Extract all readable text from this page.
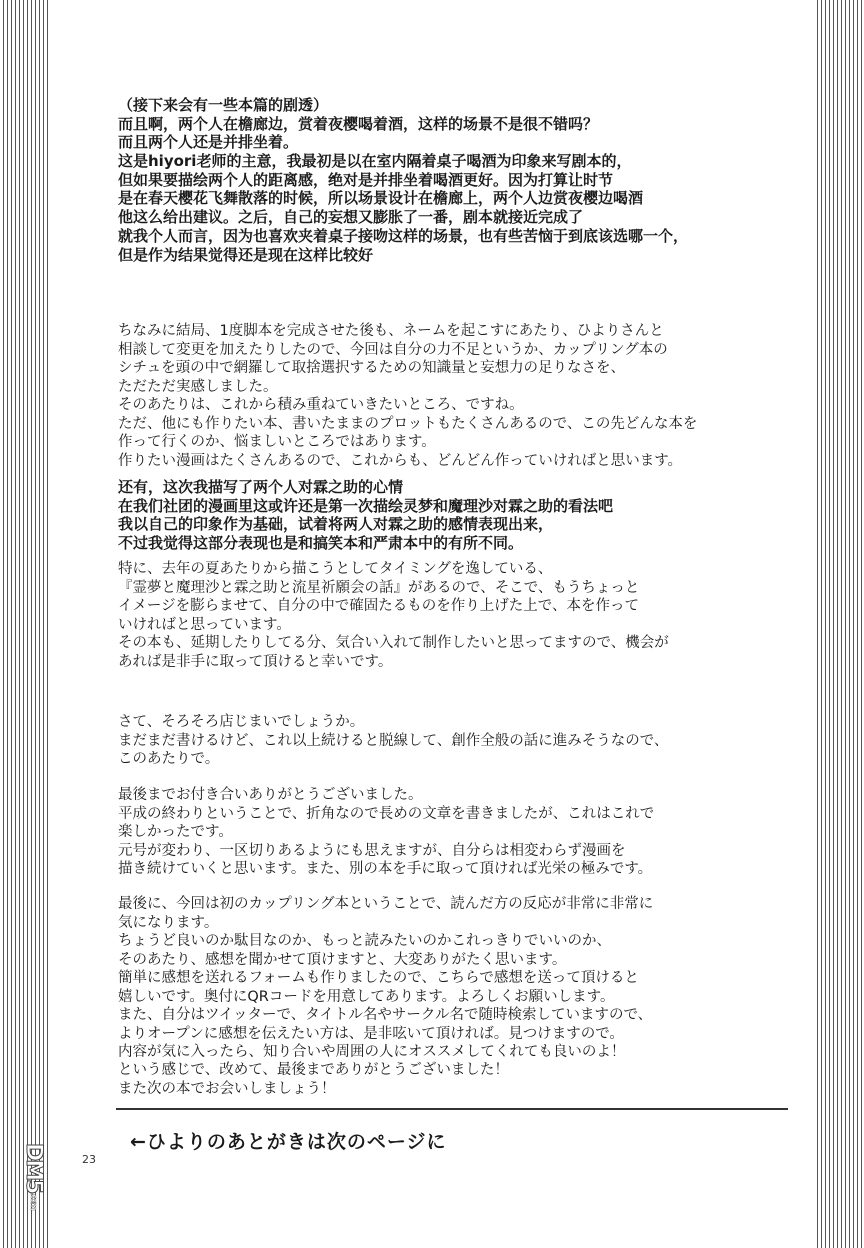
（接下来会有一些本篇的剧透）
而且啊，两个人在檐廊边，赏着夜樱喝着酒，这样的场景不是很不错吗？
而且两个人还是并排坐着。
这是hiyori老师的主意，我最初是以在室内隔着桌子喝酒为印象来写剧本的，
但如果要描绘两个人的距离感，绝对是并排坐着喝酒更好。因为打算让时节
是在春天樱花飞舞散落的时候，所以场景设计在檐廊上，两个人边赏夜樱边喝酒
他这么给出建议。之后，自己的妄想又膨胀了一番，剧本就接近完成了
就我个人而言，因为也喜欢夹着桌子接吻这样的场景，也有些苦恼于到底该选哪一个，
但是作为结果觉得还是现在这样比较好
ちなみに結局、1度脚本を完成させた後も、ネームを起こすにあたり、ひよりさんと
相談して変更を加えたりしたので、今回は自分の力不足というか、カップリング本の
シチュを頭の中で網羅して取捨選択するための知識量と妄想力の足りなさを、
ただただ実感しました。
そのあたりは、これから積み重ねていきたいところ、ですね。
ただ、他にも作りたい本、書いたままのプロットもたくさんあるので、この先どんな本を
作って行くのか、悩ましいところではあります。
作りたい漫画はたくさんあるので、これからも、どんどん作っていければと思います。
还有，这次我描写了两个人对霖之助的心情
在我们社团的漫画里这或许还是第一次描绘灵梦和魔理沙对霖之助的看法吧
我以自己的印象作为基础，试着将两人对霖之助的感情表现出来，
不过我觉得这部分表现也是和搞笑本和严肃本中的有所不同。
特に、去年の夏あたりから描こうとしてタイミングを逸している、
『霊夢と魔理沙と霖之助と流星祈願会の話』があるので、そこで、もうちょっと
イメージを膨らませて、自分の中で確固たるものを作り上げた上で、本を作って
いければと思っています。
その本も、延期したりしてる分、気合い入れて制作したいと思ってますので、機会が
あれば是非手に取って頂けると幸いです。
さて、そろそろ店じまいでしょうか。
まだまだ書けるけど、これ以上続けると脱線して、創作全般の話に進みそうなので、
このあたりで。
最後までお付き合いありがとうございました。
平成の終わりということで、折角なので長めの文章を書きましたが、これはこれで
楽しかったです。
元号が変わり、一区切りあるようにも思えますが、自分らは相変わらず漫画を
描き続けていくと思います。また、別の本を手に取って頂ければ光栄の極みです。
最後に、今回は初のカップリング本ということで、読んだ方の反応が非常に非常に
気になります。
ちょうど良いのか駄目なのか、もっと読みたいのかこれっきりでいいのか、
そのあたり、感想を聞かせて頂けますと、大変ありがたく思います。
簡単に感想を送れるフォームも作りましたので、こちらで感想を送って頂けると
嬉しいです。奥付にQRコードを用意してあります。よろしくお願いします。
また、自分はツイッターで、タイトル名やサークル名で随時検索していますので、
よりオープンに感想を伝えたい方は、是非呟いて頂ければ。見つけますので。
内容が気に入ったら、知り合いや周囲の人にオススメしてくれても良いのよ！
という感じで、改めて、最後までありがとうございました！
また次の本でお会いしましょう！
←ひよりのあとがきは次のページに
23
DM5.com
